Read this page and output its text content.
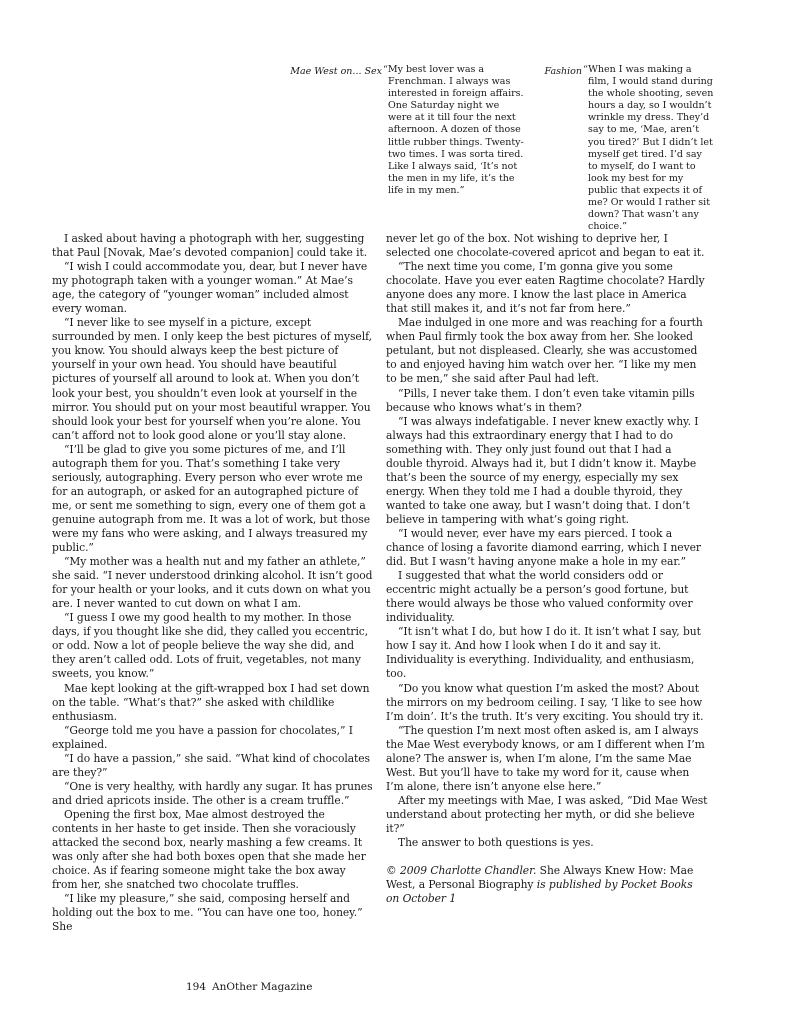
Mae West on... Sex “My best lover was a Frenchman. I always was interested in foreign affairs. One Saturday night we were at it till four the next afternoon. A dozen of those little rubber things. Twenty-two times. I was sorta tired. Like I always said, ‘It’s not the men in my life, it’s the life in my men.”

Fashion “When I was making a film, I would stand during the whole shooting, seven hours a day, so I wouldn’t wrinkle my dress. They’d say to me, ‘Mae, aren’t you tired?’ But I didn’t let myself get tired. I’d say to myself, do I want to look my best for my public that expects it of me? Or would I rather sit down? That wasn’t any choice.”

I asked about having a photograph with her, suggesting that Paul [Novak, Mae’s devoted companion] could take it.

“I wish I could accommodate you, dear, but I never have my photograph taken with a younger woman.” At Mae’s age, the category of “younger woman” included almost every woman.

“I never like to see myself in a picture, except surrounded by men. I only keep the best pictures of myself, you know. You should always keep the best picture of yourself in your own head. You should have beautiful pictures of yourself all around to look at. When you don’t look your best, you shouldn’t even look at yourself in the mirror. You should put on your most beautiful wrapper. You should look your best for yourself when you’re alone. You can’t afford not to look good alone or you’ll stay alone.

“I’ll be glad to give you some pictures of me, and I’ll autograph them for you. That’s something I take very seriously, autographing. Every person who ever wrote me for an autograph, or asked for an autographed picture of me, or sent me something to sign, every one of them got a genuine autograph from me. It was a lot of work, but those were my fans who were asking, and I always treasured my public.”

“My mother was a health nut and my father an athlete,” she said. “I never understood drinking alcohol. It isn’t good for your health or your looks, and it cuts down on what you are. I never wanted to cut down on what I am.

“I guess I owe my good health to my mother. In those days, if you thought like she did, they called you eccentric, or odd. Now a lot of people believe the way she did, and they aren’t called odd. Lots of fruit, vegetables, not many sweets, you know.”

Mae kept looking at the gift-wrapped box I had set down on the table. “What’s that?” she asked with childlike enthusiasm.

“George told me you have a passion for chocolates,” I explained.

“I do have a passion,” she said. “What kind of chocolates are they?”

“One is very healthy, with hardly any sugar. It has prunes and dried apricots inside. The other is a cream truffle.”

Opening the first box, Mae almost destroyed the contents in her haste to get inside. Then she voraciously attacked the second box, nearly mashing a few creams. It was only after she had both boxes open that she made her choice. As if fearing someone might take the box away from her, she snatched two chocolate truffles.

“I like my pleasure,” she said, composing herself and holding out the box to me. “You can have one too, honey.” She

never let go of the box. Not wishing to deprive her, I selected one chocolate-covered apricot and began to eat it.

“The next time you come, I’m gonna give you some chocolate. Have you ever eaten Ragtime chocolate? Hardly anyone does any more. I know the last place in America that still makes it, and it’s not far from here.”

Mae indulged in one more and was reaching for a fourth when Paul firmly took the box away from her. She looked petulant, but not displeased. Clearly, she was accustomed to and enjoyed having him watch over her. “I like my men to be men,” she said after Paul had left.

“Pills, I never take them. I don’t even take vitamin pills because who knows what’s in them?

“I was always indefatigable. I never knew exactly why. I always had this extraordinary energy that I had to do something with. They only just found out that I had a double thyroid. Always had it, but I didn’t know it. Maybe that’s been the source of my energy, especially my sex energy. When they told me I had a double thyroid, they wanted to take one away, but I wasn’t doing that. I don’t believe in tampering with what’s going right.

“I would never, ever have my ears pierced. I took a chance of losing a favorite diamond earring, which I never did. But I wasn’t having anyone make a hole in my ear.”

I suggested that what the world considers odd or eccentric might actually be a person’s good fortune, but there would always be those who valued conformity over individuality.

“It isn’t what I do, but how I do it. It isn’t what I say, but how I say it. And how I look when I do it and say it. Individuality is everything. Individuality, and enthusiasm, too.

“Do you know what question I’m asked the most? About the mirrors on my bedroom ceiling. I say, ‘I like to see how I’m doin’. It’s the truth. It’s very exciting. You should try it.

“The question I’m next most often asked is, am I always the Mae West everybody knows, or am I different when I’m alone? The answer is, when I’m alone, I’m the same Mae West. But you’ll have to take my word for it, cause when I’m alone, there isn’t anyone else here.”

After my meetings with Mae, I was asked, “Did Mae West understand about protecting her myth, or did she believe it?”

The answer to both questions is yes.

© 2009 Charlotte Chandler. She Always Knew How: Mae West, a Personal Biography is published by Pocket Books on October 1

194 AnOther Magazine
